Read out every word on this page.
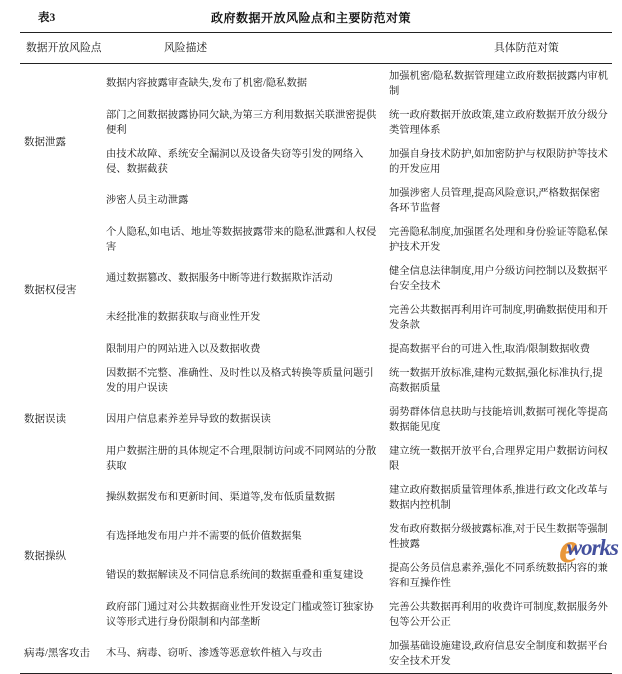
表3	政府数据开放风险点和主要防范对策
数据开放风险点	风险描述	具体防范对策
数据泄露	数据内容披露审查缺失,发布了机密/隐私数据	加强机密/隐私数据管理建立政府数据披露内审机制
	部门之间数据披露协同欠缺,为第三方利用数据关联泄密提供便利	统一政府数据开放政策,建立政府数据开放分级分类管理体系
	由技术故障、系统安全漏洞以及设备失窃等引发的网络入侵、数据截获	加强自身技术防护,如加密防护与权限防护等技术的开发应用
	涉密人员主动泄露	加强涉密人员管理,提高风险意识,严格数据保密各环节监督
数据权侵害	个人隐私,如电话、地址等数据披露带来的隐私泄露和人权侵害	完善隐私制度,加强匿名处理和身份验证等隐私保护技术开发
	通过数据篡改、数据服务中断等进行数据欺诈活动	健全信息法律制度,用户分级访问控制以及数据平台安全技术
	未经批准的数据获取与商业性开发	完善公共数据再利用许可制度,明确数据使用和开发条款
	限制用户的网站进入以及数据收费	提高数据平台的可进入性,取消/限制数据收费
数据误读	因数据不完整、准确性、及时性以及格式转换等质量问题引发的用户误读	统一数据开放标准,建构元数据,强化标准执行,提高数据质量
	因用户信息素养差异导致的数据误读	弱势群体信息扶助与技能培训,数据可视化等提高数据能见度
	用户数据注册的具体规定不合理,限制访问或不同网站的分散获取	建立统一数据开放平台,合理界定用户数据访问权限
数据操纵	操纵数据发布和更新时间、渠道等,发布低质量数据	建立政府数据质量管理体系,推进行政文化改革与数据内控机制
	有选择地发布用户并不需要的低价值数据集	发布政府数据分级披露标准,对于民生数据等强制性披露
	错误的数据解读及不同信息系统间的数据重叠和重复建设	提高公务员信息素养,强化不同系统数据内容的兼容和互操作性
	政府部门通过对公共数据商业性开发设定门槛或签订独家协议等形式进行身份限制和内部垄断	完善公共数据再利用的收费许可制度,数据服务外包等公开公正
病毒/黑客攻击	木马、病毒、窃听、渗透等恶意软件植入与攻击	加强基础设施建设,政府信息安全制度和数据平台安全技术开发
eworks
